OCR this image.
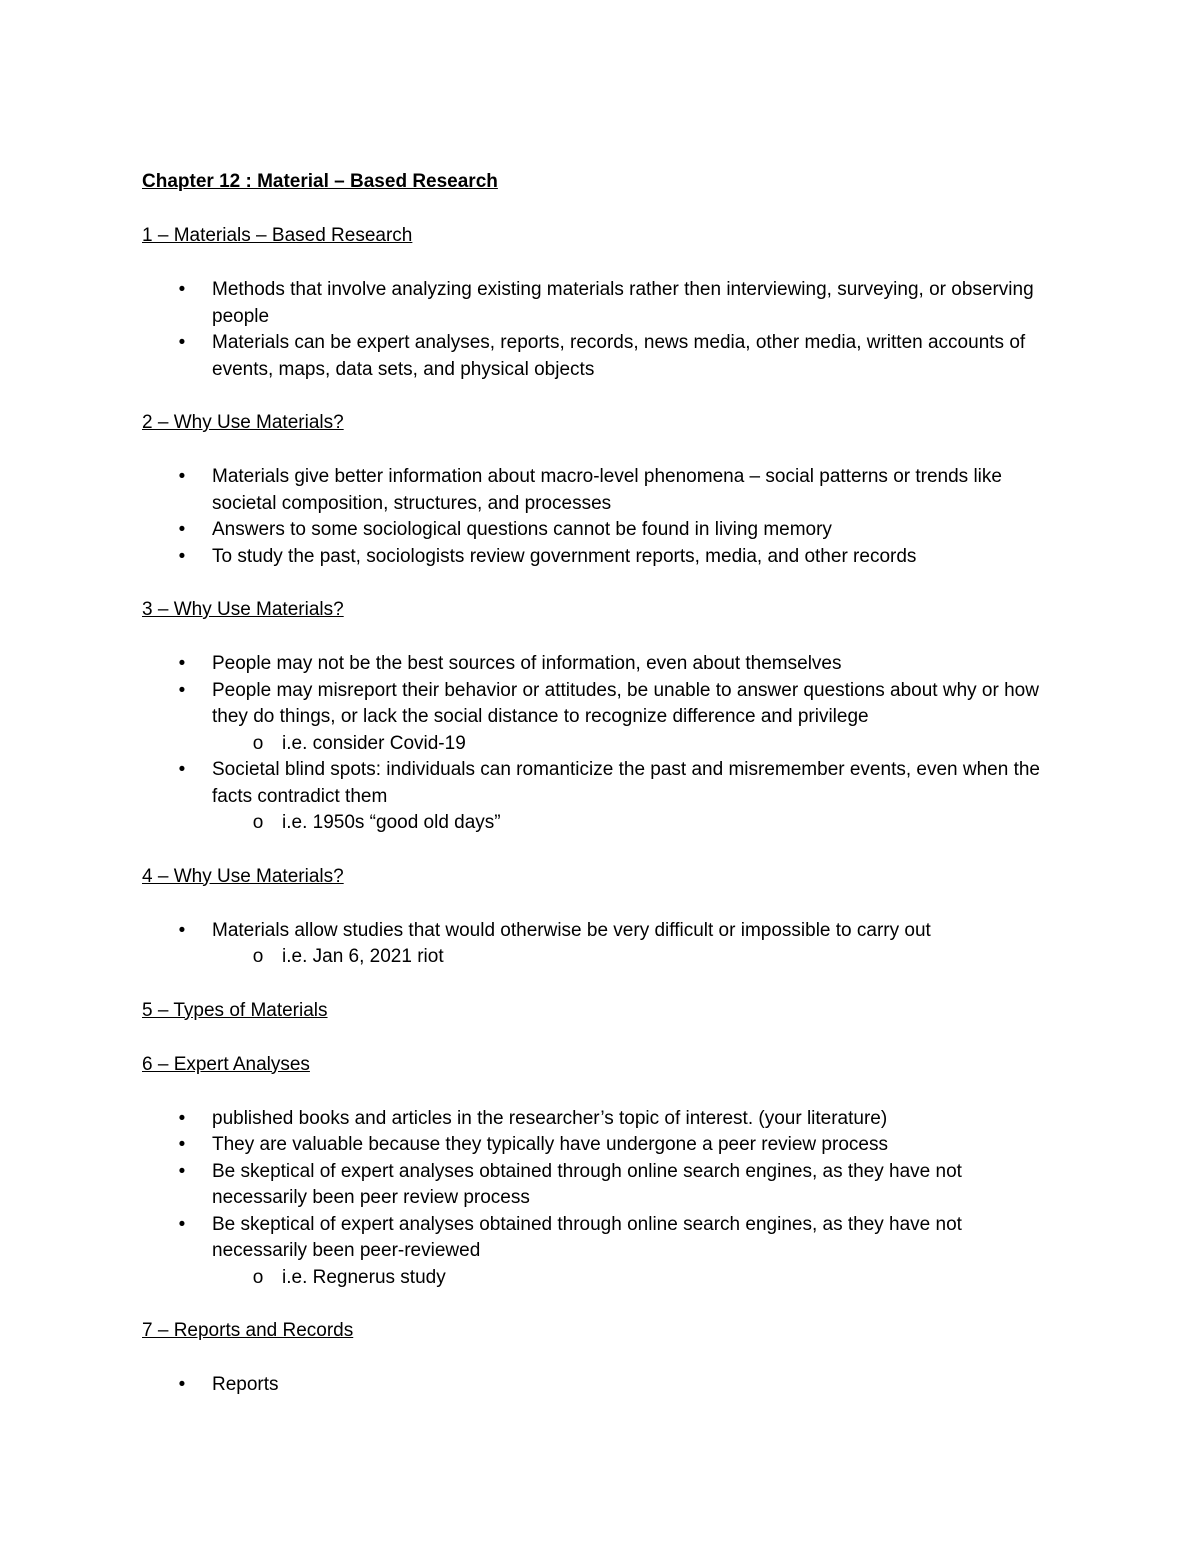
Chapter 12 : Material – Based Research

1 – Materials – Based Research

• Methods that involve analyzing existing materials rather then interviewing, surveying, or observing people
• Materials can be expert analyses, reports, records, news media, other media, written accounts of events, maps, data sets, and physical objects

2 – Why Use Materials?

• Materials give better information about macro-level phenomena – social patterns or trends like societal composition, structures, and processes
• Answers to some sociological questions cannot be found in living memory
• To study the past, sociologists review government reports, media, and other records

3 – Why Use Materials?

• People may not be the best sources of information, even about themselves
• People may misreport their behavior or attitudes, be unable to answer questions about why or how they do things, or lack the social distance to recognize difference and privilege
o i.e. consider Covid-19
• Societal blind spots: individuals can romanticize the past and misremember events, even when the facts contradict them
o i.e. 1950s “good old days”

4 – Why Use Materials?

• Materials allow studies that would otherwise be very difficult or impossible to carry out
o i.e. Jan 6, 2021 riot

5 – Types of Materials

6 – Expert Analyses

• published books and articles in the researcher’s topic of interest. (your literature)
• They are valuable because they typically have undergone a peer review process
• Be skeptical of expert analyses obtained through online search engines, as they have not necessarily been peer review process
• Be skeptical of expert analyses obtained through online search engines, as they have not necessarily been peer-reviewed
o i.e. Regnerus study

7 – Reports and Records

• Reports
